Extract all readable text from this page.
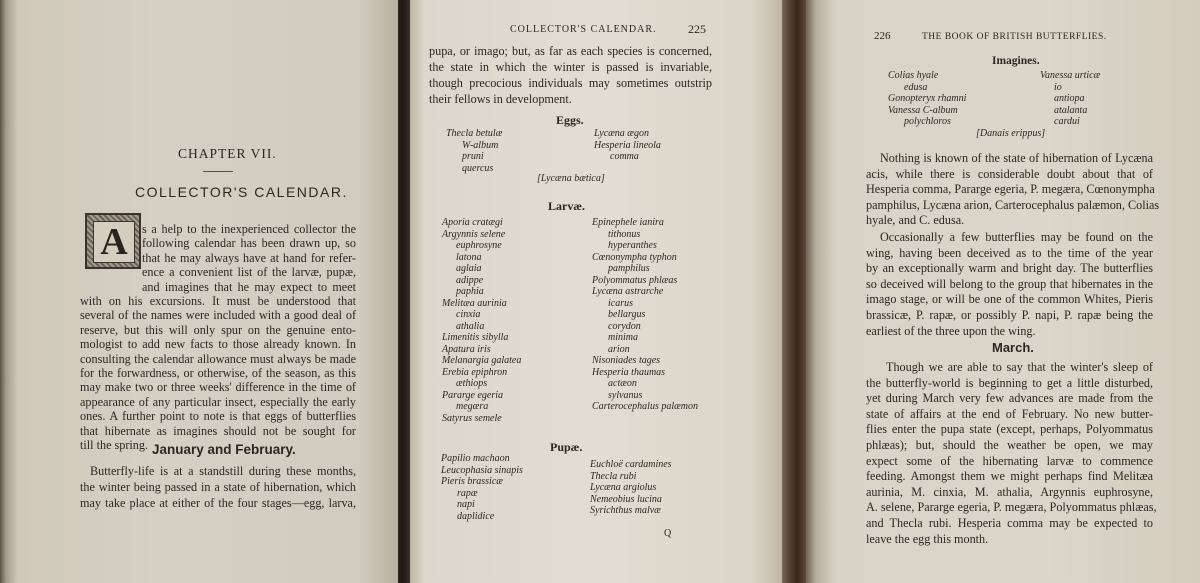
CHAPTER VII.
COLLECTOR'S CALENDAR.
A s a help to the inexperienced collector the
following calendar has been drawn up, so
that he may always have at hand for refer-
ence a convenient list of the larvæ, pupæ,
and imagines that he may expect to meet
with on his excursions. It must be understood that
several of the names were included with a good deal of
reserve, but this will only spur on the genuine ento-
mologist to add new facts to those already known. In
consulting the calendar allowance must always be made
for the forwardness, or otherwise, of the season, as this
may make two or three weeks' difference in the time of
appearance of any particular insect, especially the early
ones. A further point to note is that eggs of butterflies
that hibernate as imagines should not be sought for
till the spring. January and February.
Butterfly-life is at a standstill during these months,
the winter being passed in a state of hibernation, which
may take place at either of the four stages—egg, larva,
COLLECTOR'S CALENDAR.	225
pupa, or imago; but, as far as each species is concerned,
the state in which the winter is passed is invariable,
though precocious individuals may sometimes outstrip
their fellows in development.
Eggs.
Thecla betulæ
W-album
pruni
quercus
Lycæna ægon
Hesperia lineola
comma
[Lycæna bætica]
Larvæ.
Aporia cratægi
Argynnis selene
euphrosyne
latona
aglaia
adippe
paphia
Melitæa aurinia
cinxia
athalia
Limenitis sibylla
Apatura iris
Melanargia galatea
Erebia epiphron
æthiops
Pararge egeria
megæra
Satyrus semele
Epinephele ianira
tithonus
hyperanthes
Cœnonympha typhon
pamphilus
Polyommatus phlæas
Lycæna astrarche
icarus
bellargus
corydon
minima
arion
Nisoniades tages
Hesperia thaumas
actæon
sylvanus
Carterocephalus palæmon
Pupæ.
Papilio machaon
Leucophasia sinapis
Pieris brassicæ
rapæ
napi
daplidice
Euchloë cardamines
Thecla rubi
Lycæna argiolus
Nemeobius lucina
Syrichthus malvæ
Q
226	THE BOOK OF BRITISH BUTTERFLIES.
Imagines.
Colias hyale
edusa
Gonopteryx rhamni
Vanessa C-album
polychloros
Vanessa urticæ
io
antiopa
atalanta
cardui
[Danais erippus]
Nothing is known of the state of hibernation of Lycæna
acis, while there is considerable doubt about that of
Hesperia comma, Pararge egeria, P. megæra, Cœnonympha
pamphilus, Lycæna arion, Carterocephalus palæmon, Colias
hyale, and C. edusa.
Occasionally a few butterflies may be found on the
wing, having been deceived as to the time of the year
by an exceptionally warm and bright day. The butterflies
so deceived will belong to the group that hibernates in the
imago stage, or will be one of the common Whites, Pieris
brassicæ, P. rapæ, or possibly P. napi, P. rapæ being the
earliest of the three upon the wing.
March.
Though we are able to say that the winter's sleep of
the butterfly-world is beginning to get a little disturbed,
yet during March very few advances are made from the
state of affairs at the end of February. No new butter-
flies enter the pupa state (except, perhaps, Polyommatus
phlæas); but, should the weather be open, we may
expect some of the hibernating larvæ to commence
feeding. Amongst them we might perhaps find Melitæa
aurinia, M. cinxia, M. athalia, Argynnis euphrosyne,
A. selene, Pararge egeria, P. megæra, Polyommatus phlæas,
and Thecla rubi. Hesperia comma may be expected to
leave the egg this month.
